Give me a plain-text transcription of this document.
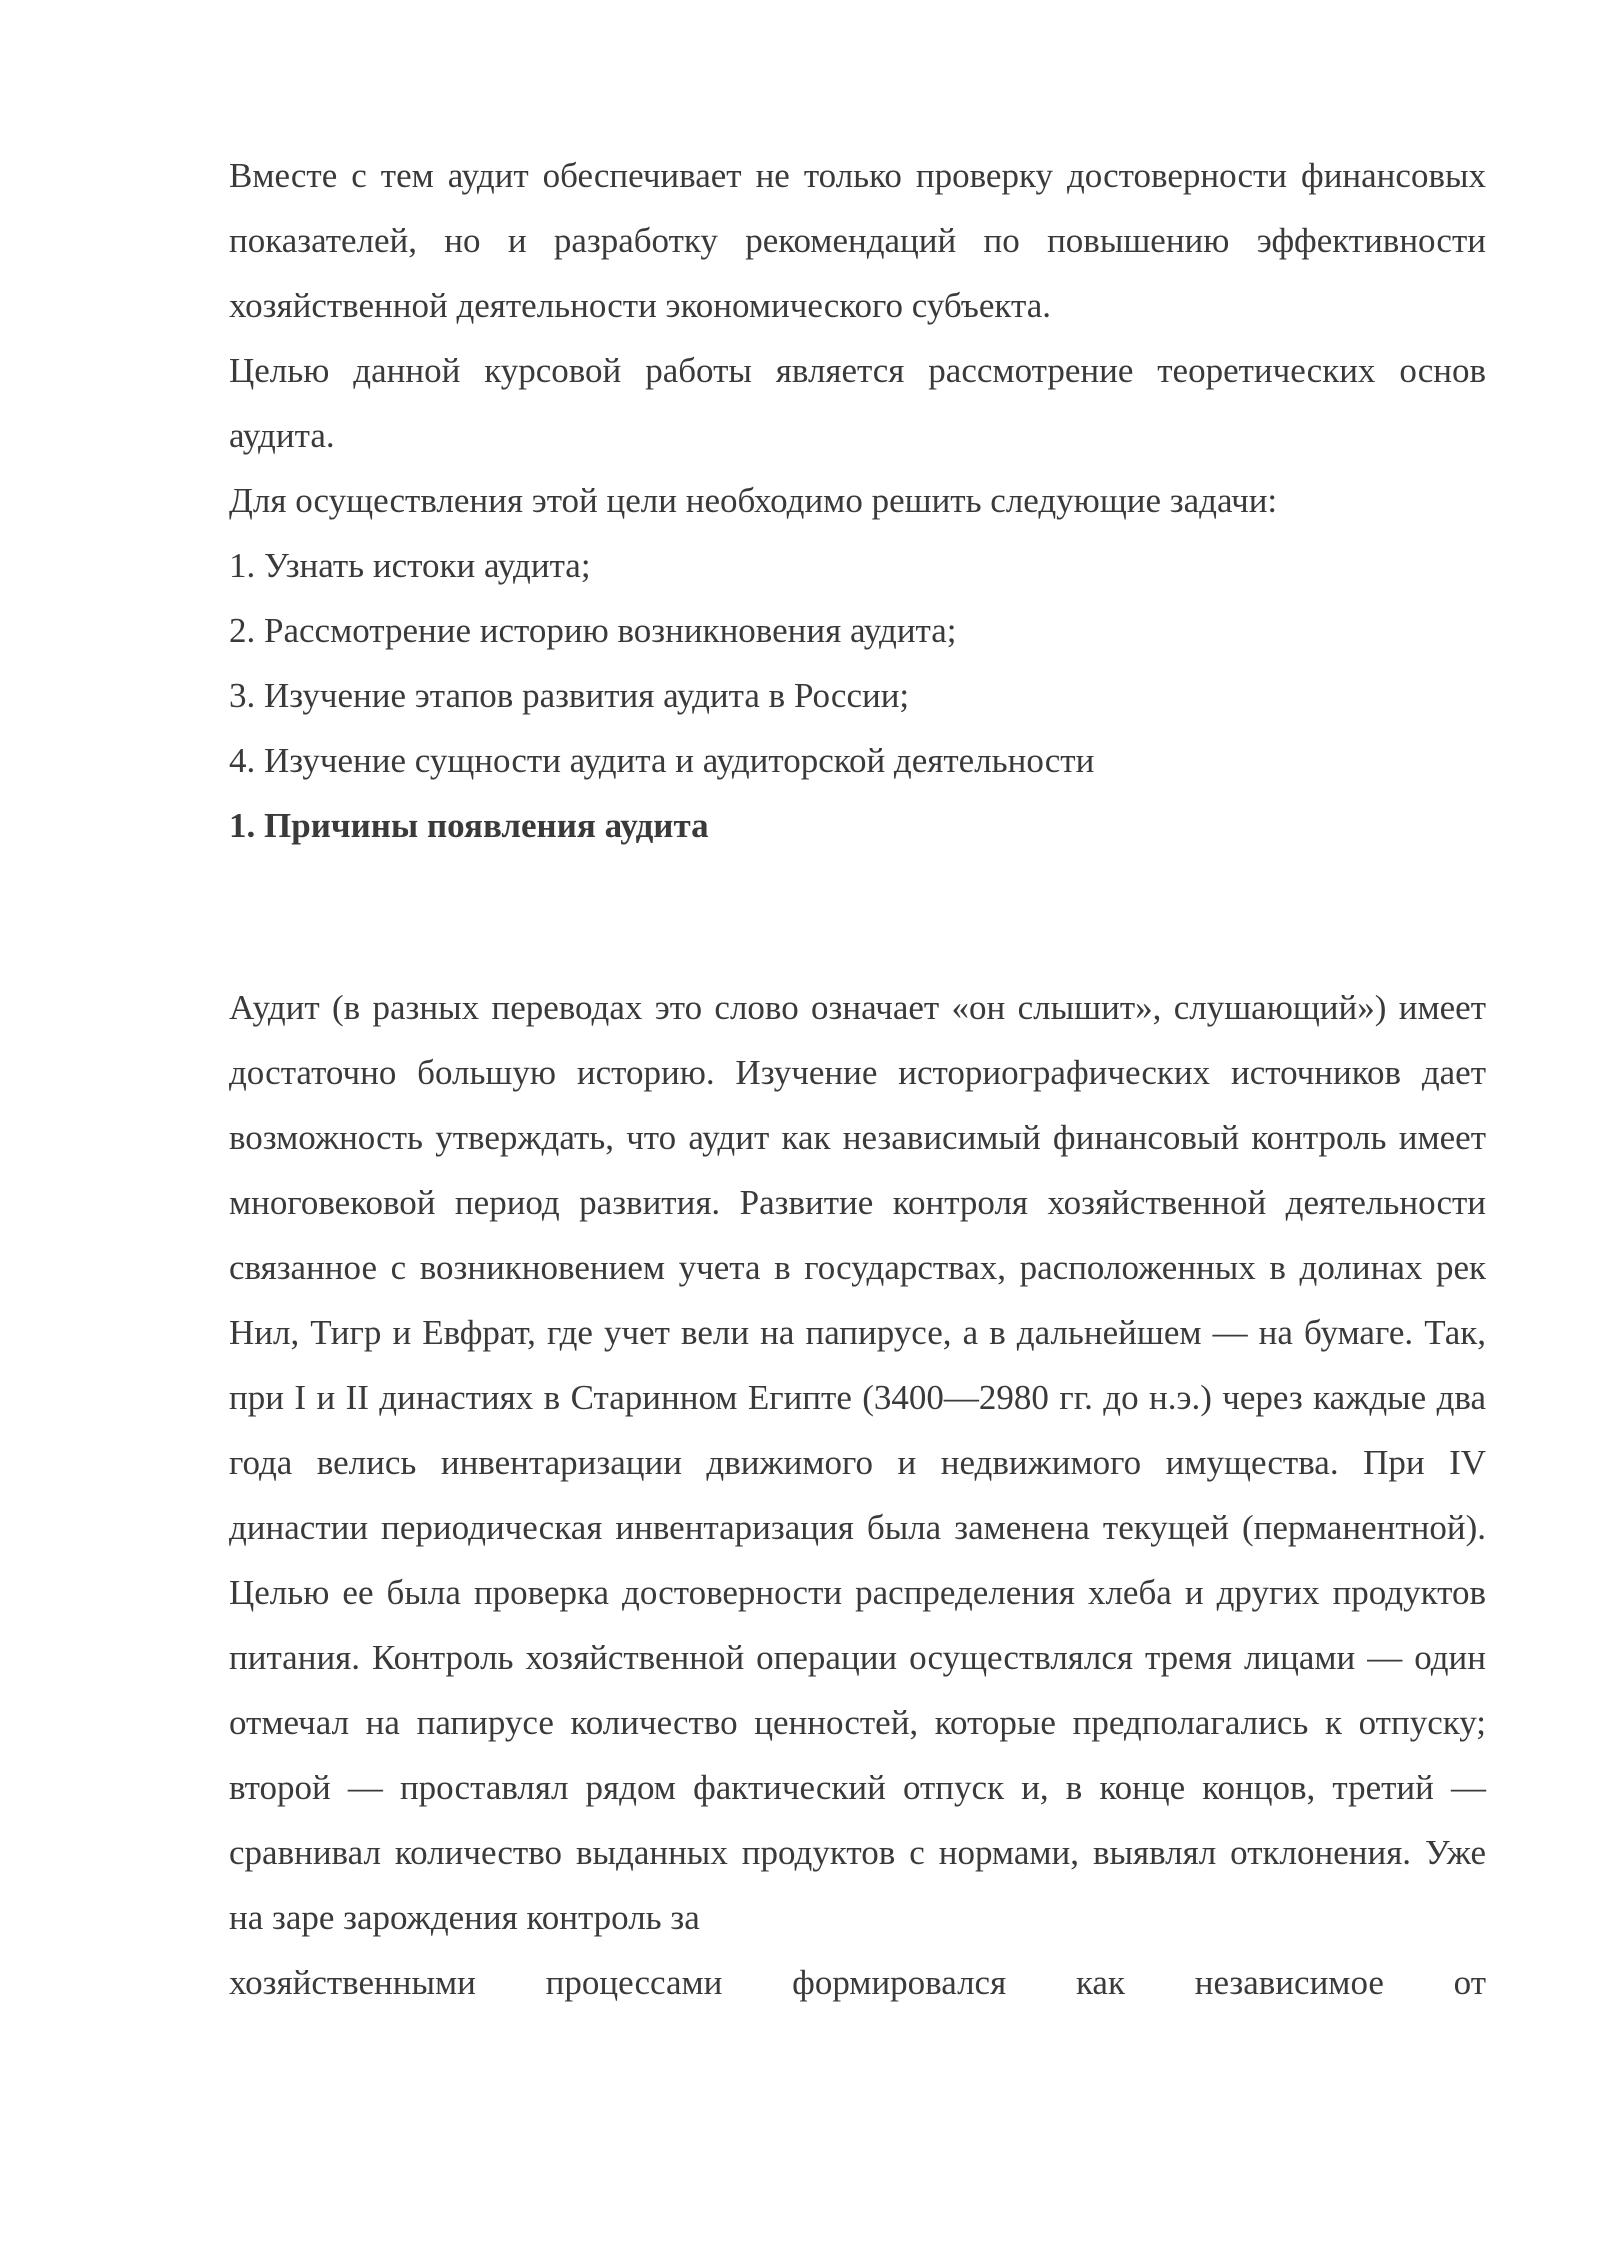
Вместе с тем аудит обеспечивает не только проверку достоверности финансовых показателей, но и разработку рекомендаций по повышению эффективности хозяйственной деятельности экономического субъекта.

Целью данной курсовой работы является рассмотрение теоретических основ аудита.

Для осуществления этой цели необходимо решить следующие задачи:

1. Узнать истоки аудита;

2. Рассмотрение историю возникновения аудита;

3. Изучение этапов развития аудита в России;

4. Изучение сущности аудита и аудиторской деятельности

1. Причины появления аудита

Аудит (в разных переводах это слово означает «он слышит», слушающий») имеет достаточно большую историю. Изучение историографических источников дает возможность утверждать, что аудит как независимый финансовый контроль имеет многовековой период развития. Развитие контроля хозяйственной деятельности связанное с возникновением учета в государствах, расположенных в долинах рек Нил, Тигр и Евфрат, где учет вели на папирусе, а в дальнейшем — на бумаге. Так, при I и II династиях в Старинном Египте (3400—2980 гг. до н.э.) через каждые два года велись инвентаризации движимого и недвижимого имущества. При IV династии периодическая инвентаризация была заменена текущей (перманентной). Целью ее была проверка достоверности распределения хлеба и других продуктов питания. Контроль хозяйственной операции осуществлялся тремя лицами — один отмечал на папирусе количество ценностей, которые предполагались к отпуску; второй — проставлял рядом фактический отпуск и, в конце концов, третий — сравнивал количество выданных продуктов с нормами, выявлял отклонения. Уже на заре зарождения контроль за

хозяйственными процессами формировался как независимое от
